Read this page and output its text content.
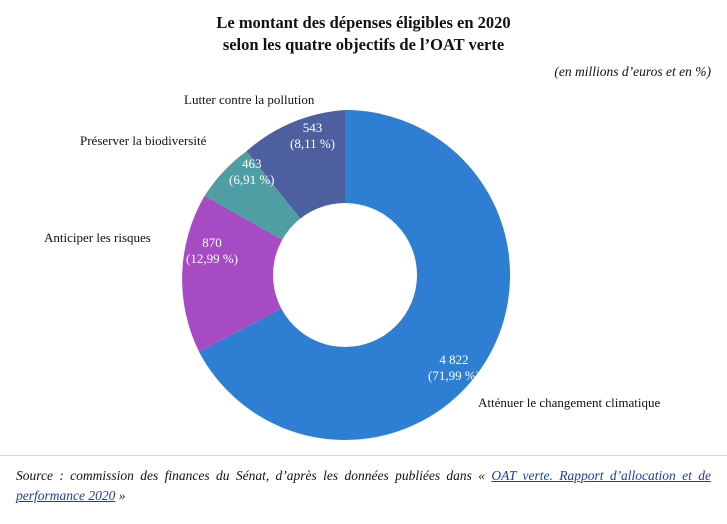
Le montant des dépenses éligibles en 2020
selon les quatre objectifs de l’OAT verte
(en millions d’euros et en %)
Lutter contre la pollution
Préserver la biodiversité
Anticiper les risques
Atténuer le changement climatique
543
(8,11 %)
463
(6,91 %)
870
(12,99 %)
4 822
(71,99 %)
Source : commission des finances du Sénat, d’après les données publiées dans « OAT verte. Rapport d’allocation et de performance 2020 »
